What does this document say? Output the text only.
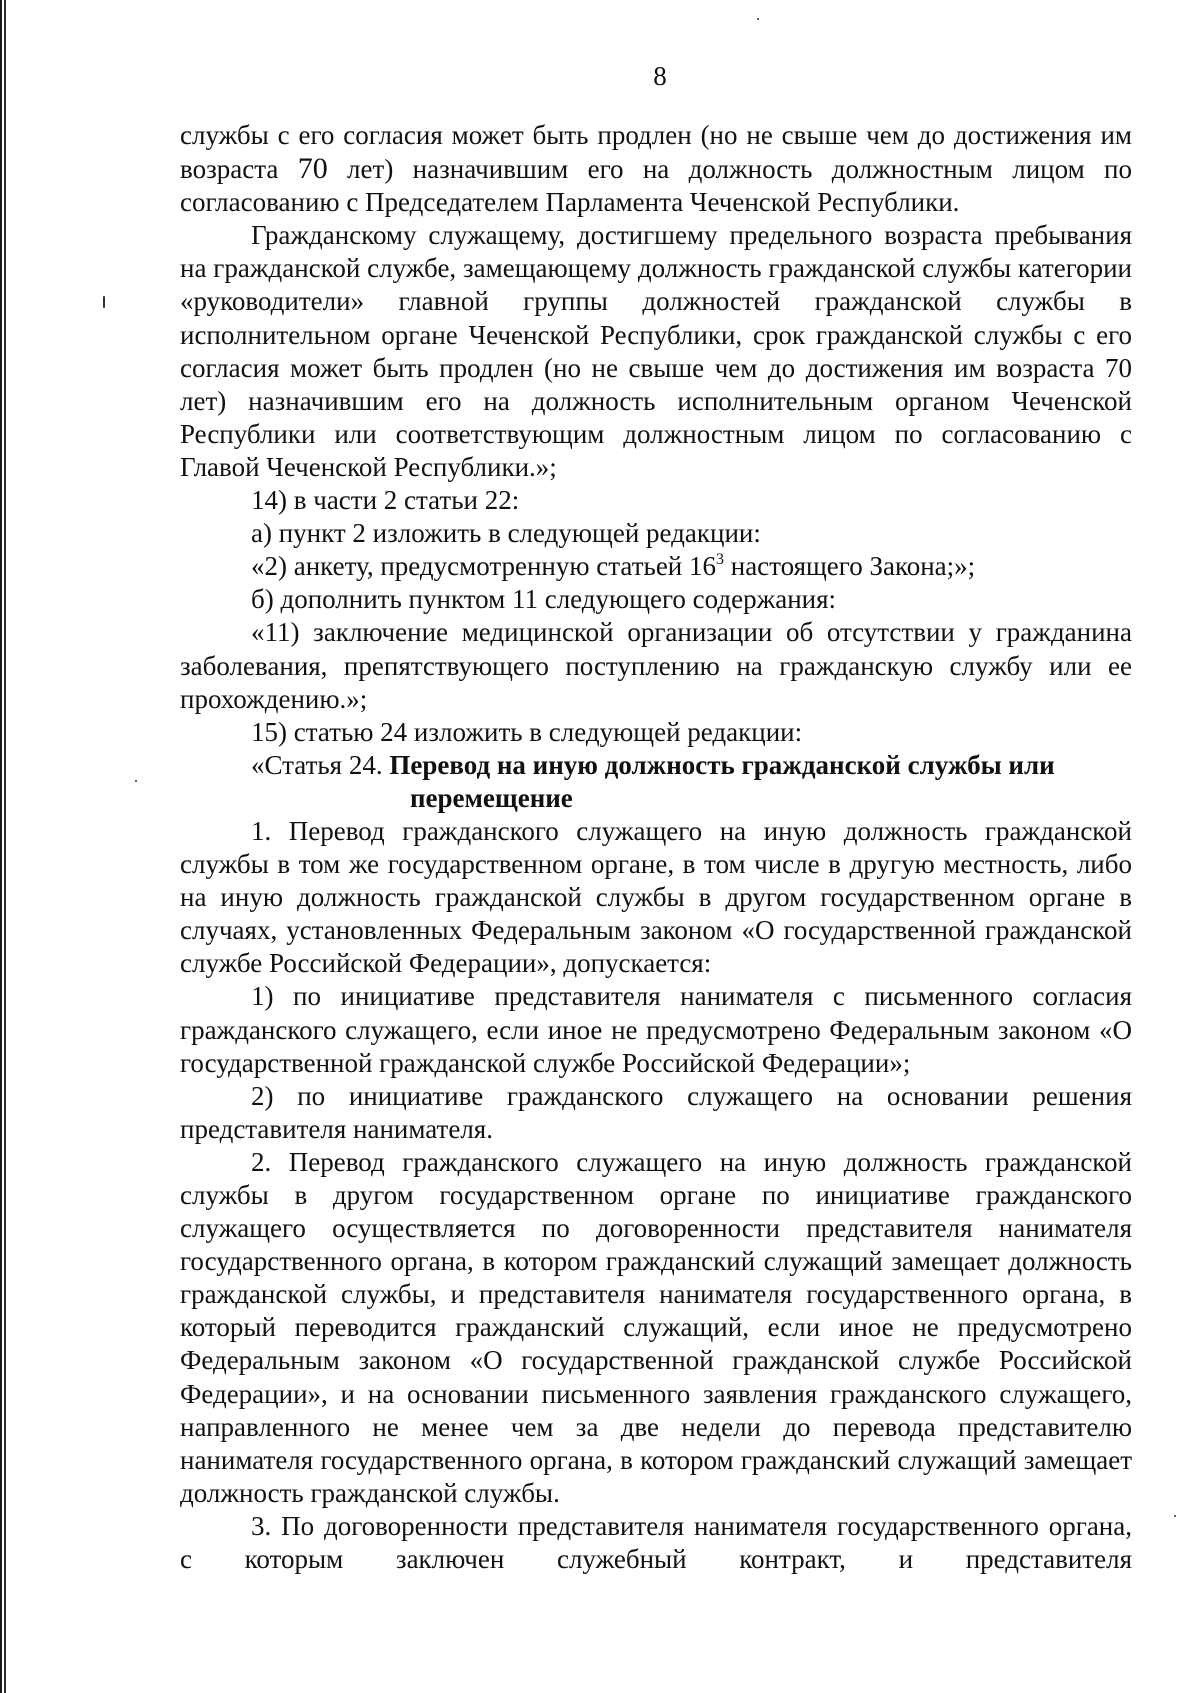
8

службы с его согласия может быть продлен (но не свыше чем до достижения им возраста 70 лет) назначившим его на должность должностным лицом по согласованию с Председателем Парламента Чеченской Республики.

Гражданскому служащему, достигшему предельного возраста пребывания на гражданской службе, замещающему должность гражданской службы категории «руководители» главной группы должностей гражданской службы в исполнительном органе Чеченской Республики, срок гражданской службы с его согласия может быть продлен (но не свыше чем до достижения им возраста 70 лет) назначившим его на должность исполнительным органом Чеченской Республики или соответствующим должностным лицом по согласованию с Главой Чеченской Республики.»;

14) в части 2 статьи 22:

а) пункт 2 изложить в следующей редакции:

«2) анкету, предусмотренную статьей $16^3$ настоящего Закона;»;

б) дополнить пунктом 11 следующего содержания:

«11) заключение медицинской организации об отсутствии у гражданина заболевания, препятствующего поступлению на гражданскую службу или ее прохождению.»;

15) статью 24 изложить в следующей редакции:

«Статья 24. Перевод на иную должность гражданской службы или

перемещение

1. Перевод гражданского служащего на иную должность гражданской службы в том же государственном органе, в том числе в другую местность, либо на иную должность гражданской службы в другом государственном органе в случаях, установленных Федеральным законом «О государственной гражданской службе Российской Федерации», допускается:

1) по инициативе представителя нанимателя с письменного согласия гражданского служащего, если иное не предусмотрено Федеральным законом «О государственной гражданской службе Российской Федерации»;

2) по инициативе гражданского служащего на основании решения представителя нанимателя.

2. Перевод гражданского служащего на иную должность гражданской службы в другом государственном органе по инициативе гражданского служащего осуществляется по договоренности представителя нанимателя государственного органа, в котором гражданский служащий замещает должность гражданской службы, и представителя нанимателя государственного органа, в который переводится гражданский служащий, если иное не предусмотрено Федеральным законом «О государственной гражданской службе Российской Федерации», и на основании письменного заявления гражданского служащего, направленного не менее чем за две недели до перевода представителю нанимателя государственного органа, в котором гражданский служащий замещает должность гражданской службы.

3. По договоренности представителя нанимателя государственного органа, с которым заключен служебный контракт, и представителя
